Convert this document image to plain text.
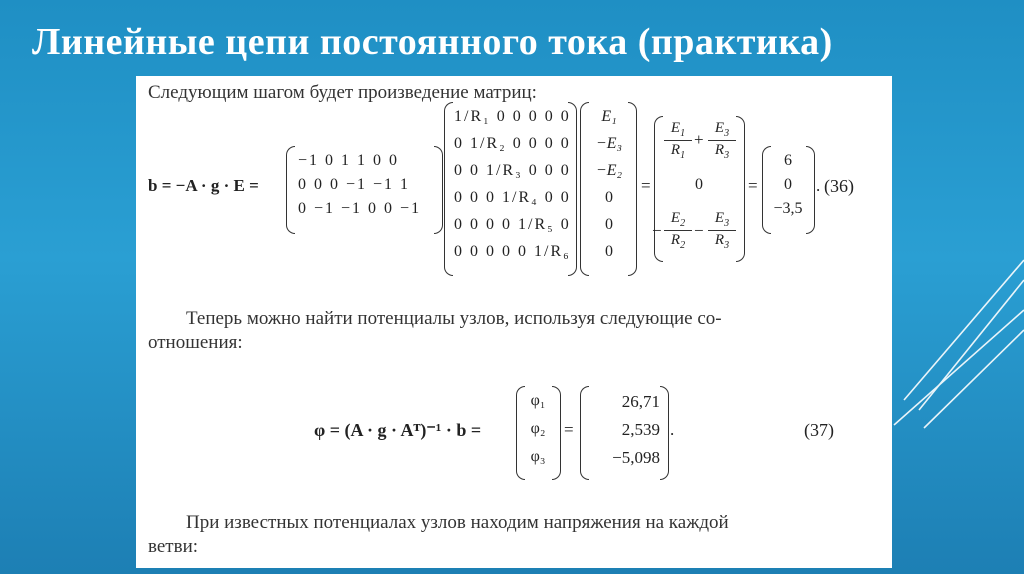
Линейные цепи постоянного тока (практика)
Следующим шагом будет произведение матриц:
b = −A · g · E =
−1 0 1 1 0 0
0 0 0 −1 −1 1
0 −1 −1 0 0 −1
1/R₁ 0 0 0 0 0
0 1/R₂ 0 0 0 0
0 0 1/R₃ 0 0 0
0 0 0 1/R₄ 0 0
0 0 0 0 1/R₅ 0
0 0 0 0 0 1/R₆
E₁
−E₃
−E₂
0
0
0
=
$E_1$
$R_1$
+
$E_3$
$R_3$
0
−
$E_2$
$R_2$
−
$E_3$
$R_3$
=
6
0
−3,5
. (36)
Теперь можно найти потенциалы узлов, используя следующие со-
отношения:
φ = (A · g · Aᵀ)⁻¹ · b =
φ₁
φ₂
φ₃
=
26,71
2,539
−5,098
.	(37)
При известных потенциалах узлов находим напряжения на каждой
ветви:
